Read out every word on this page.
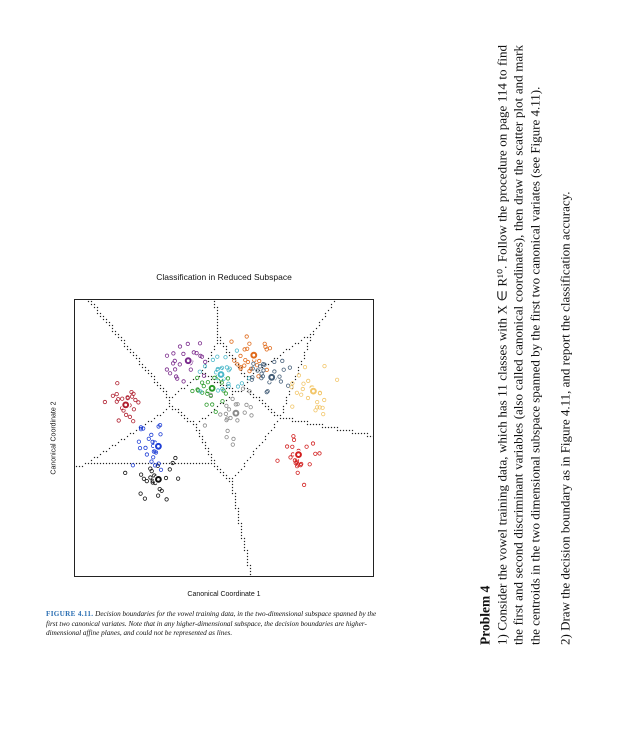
Classification in Reduced Subspace
Canonical Coordinate 2
Canonical Coordinate 1
FIGURE 4.11. Decision boundaries for the vowel training data, in the two-dimensional subspace spanned by the first two canonical variates. Note that in any higher-dimensional subspace, the decision boundaries are higher-dimensional affine planes, and could not be represented as lines.	Problem 4 1) Consider the vowel training data, which has 11 classes with X ∈ R¹⁰. Follow the procedure on page 114 to find the first and second discriminant variables (also called canonical coordinates), then draw the scatter plot and mark the centroids in the two dimensional subspace spanned by the first two canonical variates (see Figure 4.11). 2) Draw the decision boundary as in Figure 4.11, and report the classification accuracy.
